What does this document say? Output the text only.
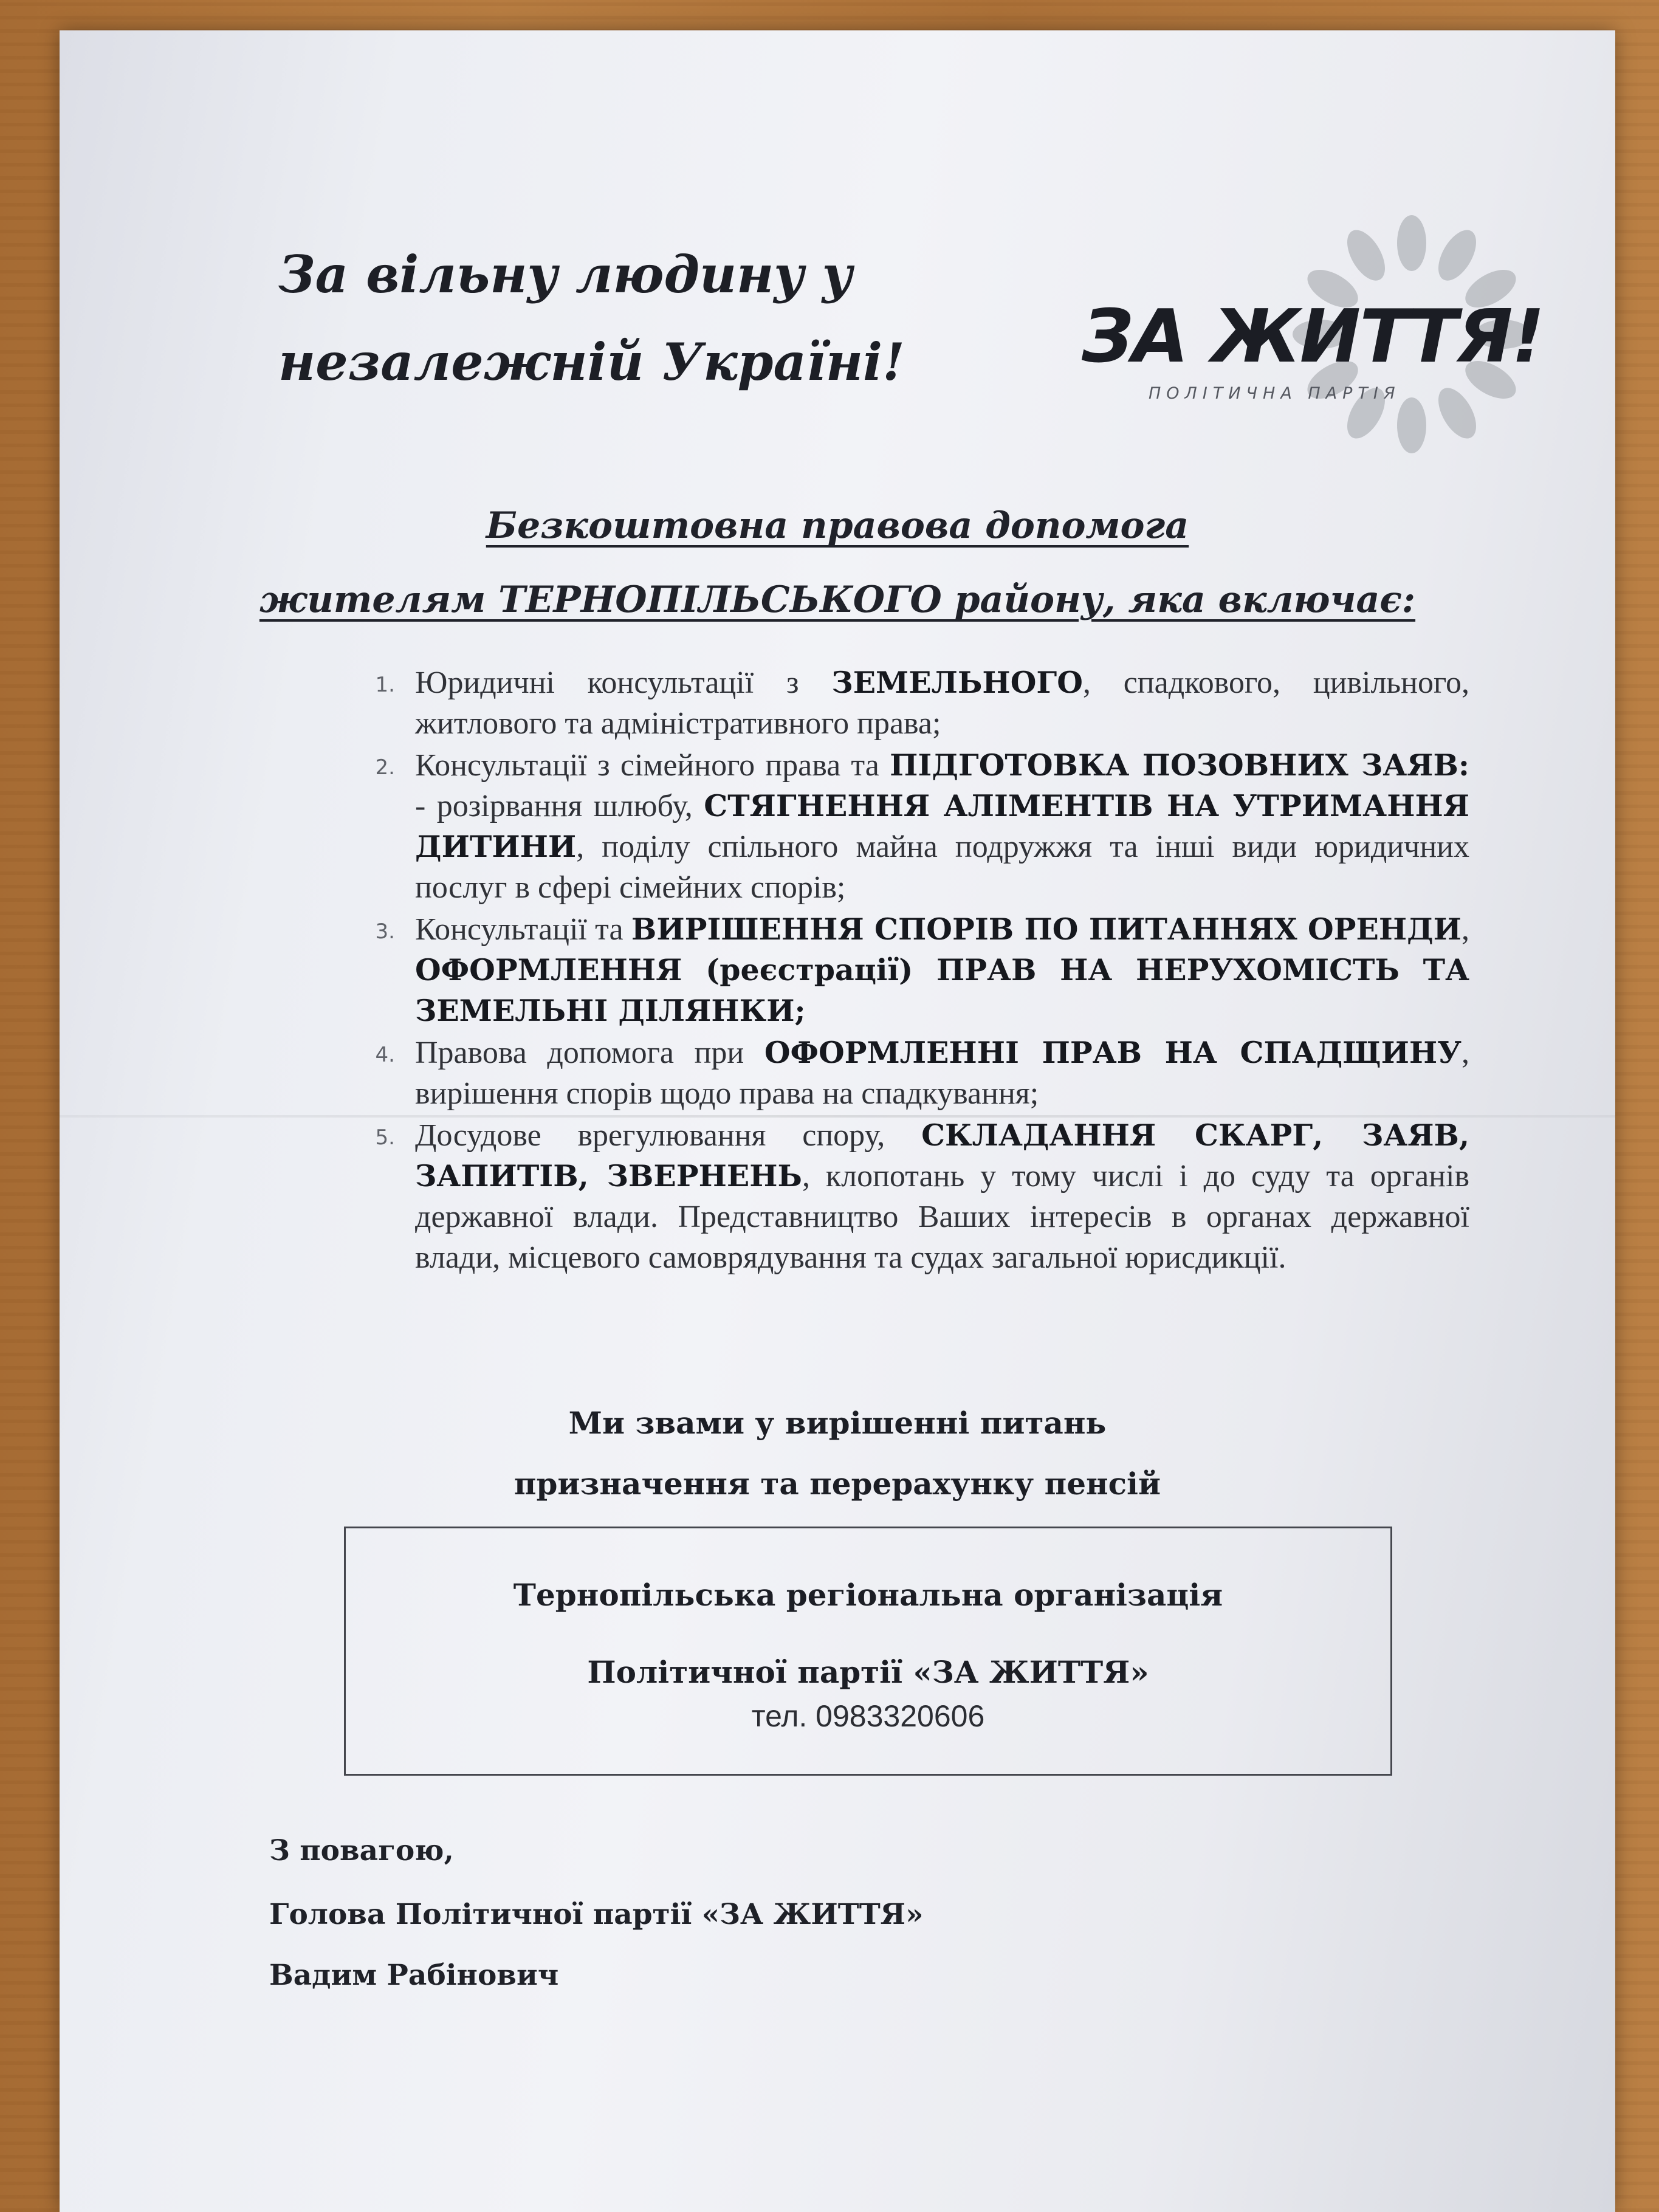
За вільну людину у
незалежній Україні!	ЗА ЖИТТЯ!
ПОЛІТИЧНА ПАРТІЯ
Безкоштовна правова допомога
жителям ТЕРНОПІЛЬСЬКОГО району, яка включає:
1. Юридичні консультації з ЗЕМЕЛЬНОГО, спадкового, цивільного, житлового та адміністративного права;
2. Консультації з сімейного права та ПІДГОТОВКА ПОЗОВНИХ ЗАЯВ: - розірвання шлюбу, СТЯГНЕННЯ АЛІМЕНТІВ НА УТРИМАННЯ ДИТИНИ, поділу спільного майна подружжя та інші види юридичних послуг в сфері сімейних спорів;
3. Консультації та ВИРІШЕННЯ СПОРІВ ПО ПИТАННЯХ ОРЕНДИ, ОФОРМЛЕННЯ (реєстрації) ПРАВ НА НЕРУХОМІСТЬ ТА ЗЕМЕЛЬНІ ДІЛЯНКИ;
4. Правова допомога при ОФОРМЛЕННІ ПРАВ НА СПАДЩИНУ, вирішення спорів щодо права на спадкування;
5. Досудове врегулювання спору, СКЛАДАННЯ СКАРГ, ЗАЯВ, ЗАПИТІВ, ЗВЕРНЕНЬ, клопотань у тому числі і до суду та органів державної влади. Представництво Ваших інтересів в органах державної влади, місцевого самоврядування та судах загальної юрисдикції.
Ми звами у вирішенні питань
призначення та перерахунку пенсій
Тернопільська регіональна організація
Політичної партії «ЗА ЖИТТЯ»
тел. 0983320606
З повагою,
Голова Політичної партії «ЗА ЖИТТЯ»
Вадим Рабінович
